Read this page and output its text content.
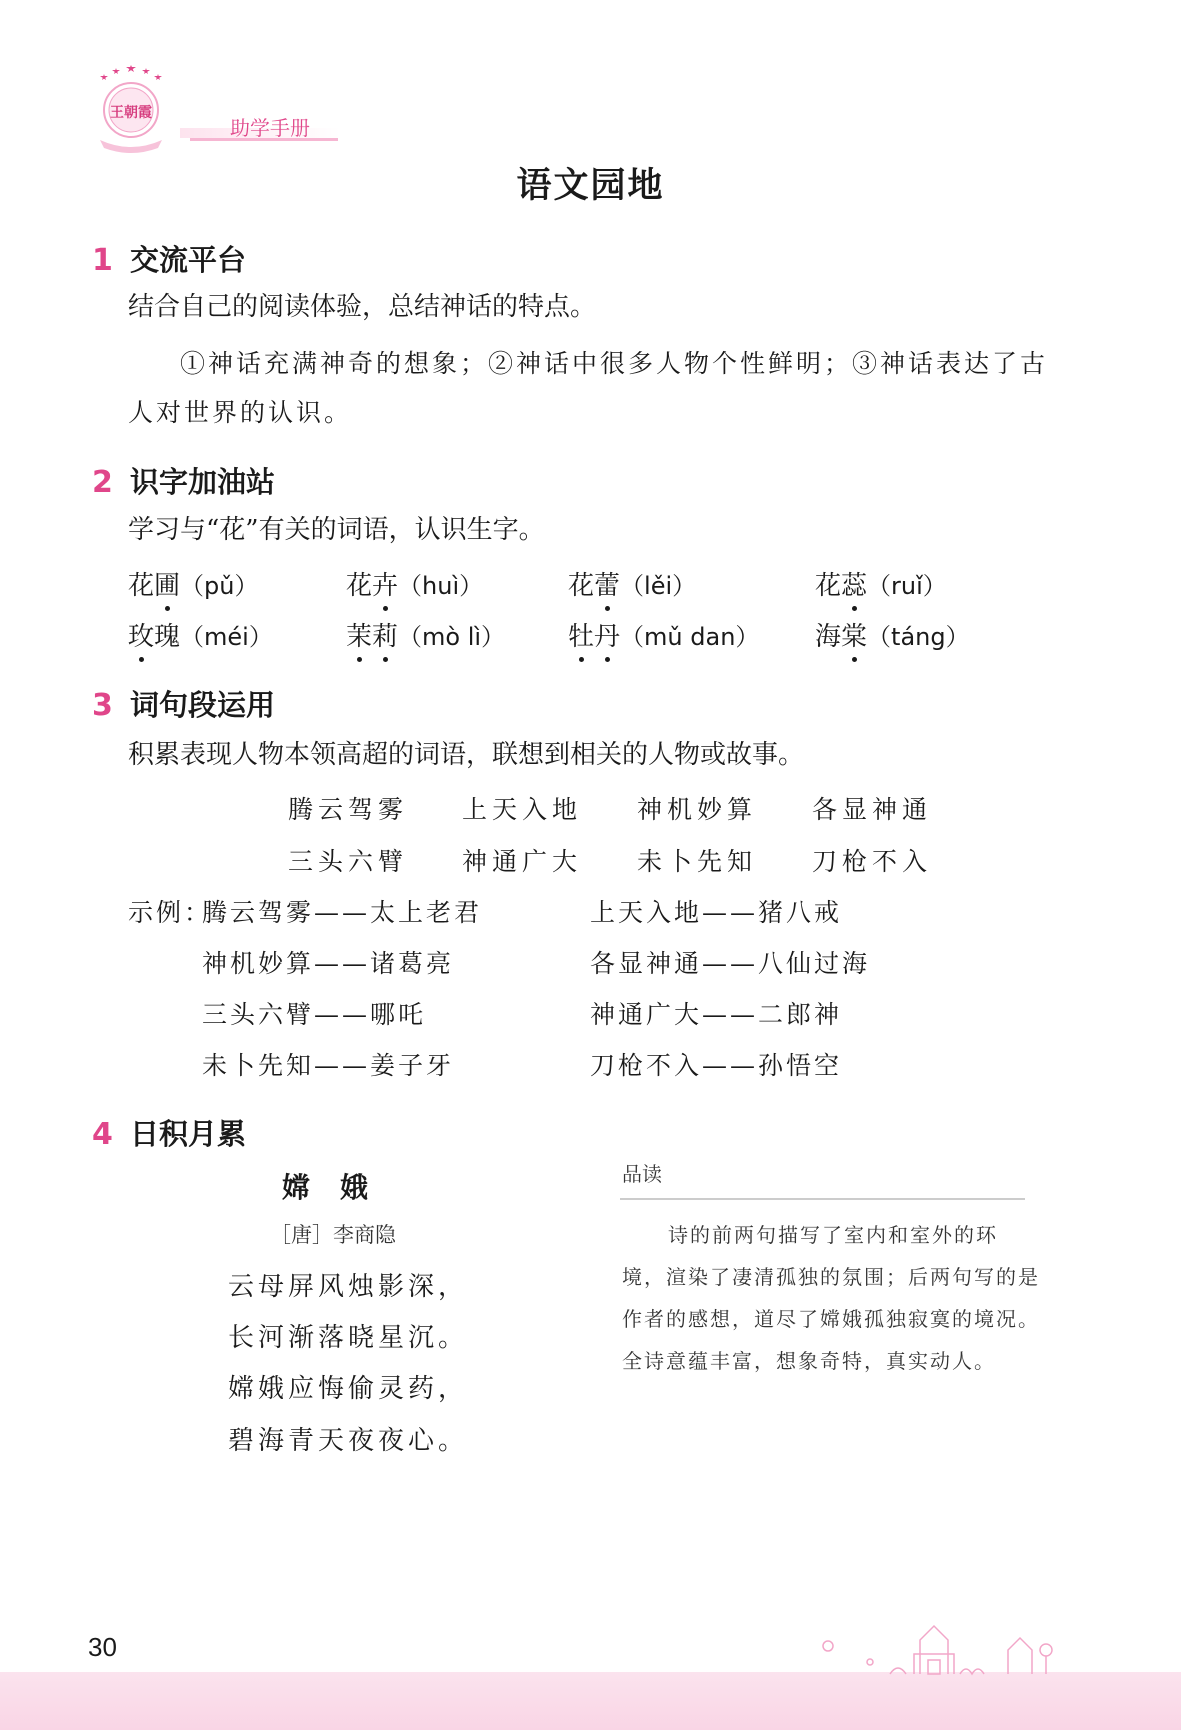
王朝霞
助学手册
语文园地
1 交流平台
结合自己的阅读体验，总结神话的特点。
①神话充满神奇的想象；②神话中很多人物个性鲜明；③神话表达了古
人对世界的认识。
2 识字加油站
学习与“花”有关的词语，认识生字。
花圃（pǔ）	花卉（huì）	花蕾（lěi）	花蕊（ruǐ）
玫瑰（méi）	茉莉（mò lì） 牡丹（mǔ dan） 海棠（táng）
3 词句段运用
积累表现人物本领高超的词语，联想到相关的人物或故事。
腾云驾雾 上天入地 神机妙算 各显神通
三头六臂 神通广大 未卜先知 刀枪不入
示例：
腾云驾雾——太上老君	上天入地——猪八戒
神机妙算——诸葛亮	各显神通——八仙过海
三头六臂——哪吒	神通广大——二郎神
未卜先知——姜子牙	刀枪不入——孙悟空
4 日积月累
嫦娥
［唐］李商隐
云母屏风烛影深，
长河渐落晓星沉。
嫦娥应悔偷灵药，
碧海青天夜夜心。
品读
诗的前两句描写了室内和室外的环
境，渲染了凄清孤独的氛围；后两句写的是
作者的感想，道尽了嫦娥孤独寂寞的境况。
全诗意蕴丰富，想象奇特，真实动人。
30
